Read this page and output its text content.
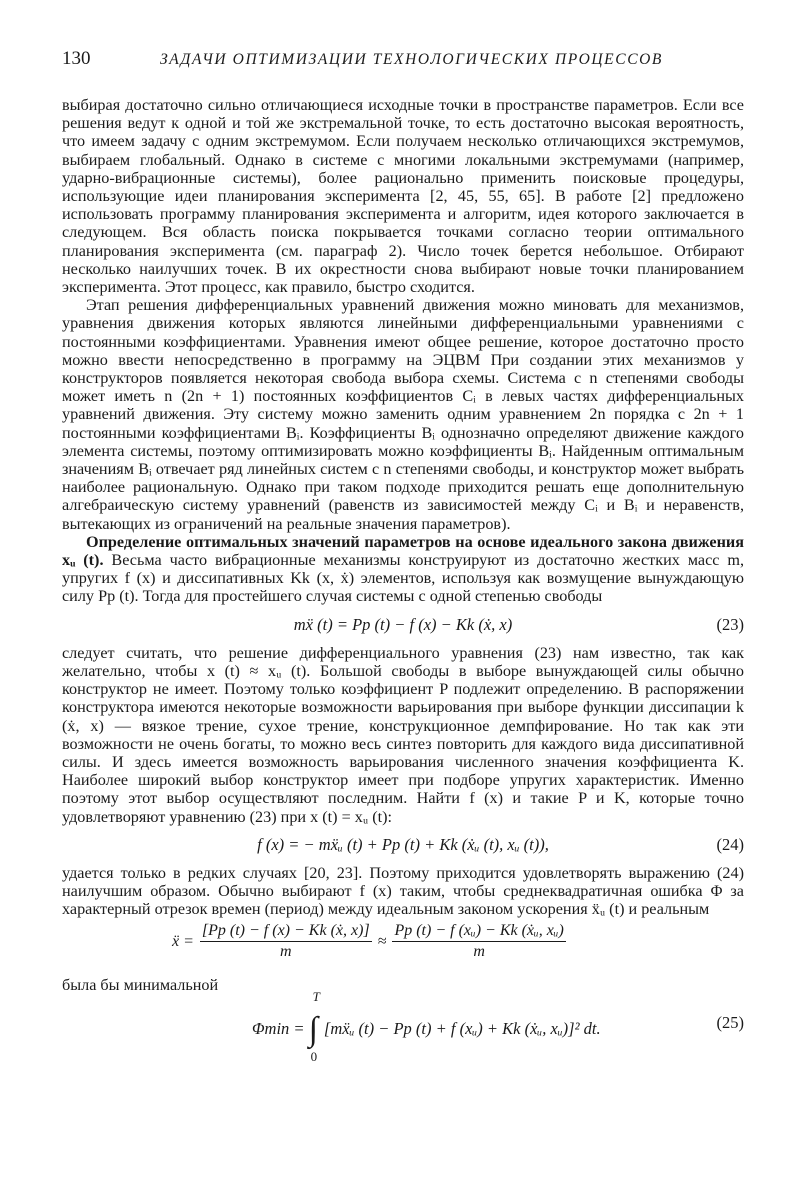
130	ЗАДАЧИ ОПТИМИЗАЦИИ ТЕХНОЛОГИЧЕСКИХ ПРОЦЕССОВ

выбирая достаточно сильно отличающиеся исходные точки в пространстве параметров. Если все решения ведут к одной и той же экстремальной точке, то есть достаточно высокая вероятность, что имеем задачу с одним экстремумом. Если получаем несколько отличающихся экстремумов, выбираем глобальный. Однако в системе с многими локальными экстремумами (например, ударно-вибрационные системы), более рационально применить поисковые процедуры, использующие идеи планирования эксперимента [2, 45, 55, 65]. В работе [2] предложено использовать программу планирования эксперимента и алгоритм, идея которого заключается в следующем. Вся область поиска покрывается точками согласно теории оптимального планирования эксперимента (см. параграф 2). Число точек берется небольшое. Отбирают несколько наилучших точек. В их окрестности снова выбирают новые точки планированием эксперимента. Этот процесс, как правило, быстро сходится.

Этап решения дифференциальных уравнений движения можно миновать для механизмов, уравнения движения которых являются линейными дифференциальными уравнениями с постоянными коэффициентами. Уравнения имеют общее решение, которое достаточно просто можно ввести непосредственно в программу на ЭЦВМ При создании этих механизмов у конструкторов появляется некоторая свобода выбора схемы. Система с n степенями свободы может иметь n (2n + 1) постоянных коэффициентов Cᵢ в левых частях дифференциальных уравнений движения. Эту систему можно заменить одним уравнением 2n порядка с 2n + 1 постоянными коэффициентами Bᵢ. Коэффициенты Bᵢ однозначно определяют движение каждого элемента системы, поэтому оптимизировать можно коэффициенты Bᵢ. Найденным оптимальным значениям Bᵢ отвечает ряд линейных систем с n степенями свободы, и конструктор может выбрать наиболее рациональную. Однако при таком подходе приходится решать еще дополнительную алгебраическую систему уравнений (равенств из зависимостей между Cᵢ и Bᵢ и неравенств, вытекающих из ограничений на реальные значения параметров).

Определение оптимальных значений параметров на основе идеального закона движения xᵤ (t). Весьма часто вибрационные механизмы конструируют из достаточно жестких масс m, упругих f (x) и диссипативных Kk (x, ẋ) элементов, используя как возмущение вынуждающую силу Pp (t). Тогда для простейшего случая системы с одной степенью свободы

mẍ (t) = Pp (t) − f (x) − Kk (ẋ, x)	(23)

следует считать, что решение дифференциального уравнения (23) нам известно, так как желательно, чтобы x (t) ≈ xᵤ (t). Большой свободы в выборе вынуждающей силы обычно конструктор не имеет. Поэтому только коэффициент P подлежит определению. В распоряжении конструктора имеются некоторые возможности варьирования при выборе функции диссипации k (ẋ, x) — вязкое трение, сухое трение, конструкционное демпфирование. Но так как эти возможности не очень богаты, то можно весь синтез повторить для каждого вида диссипативной силы. И здесь имеется возможность варьирования численного значения коэффициента K. Наиболее широкий выбор конструктор имеет при подборе упругих характеристик. Именно поэтому этот выбор осуществляют последним. Найти f (x) и такие P и K, которые точно удовлетворяют уравнению (23) при x (t) = xᵤ (t):

f (x) = − mẍᵤ (t) + Pp (t) + Kk (ẋᵤ (t), xᵤ (t)),	(24)

удается только в редких случаях [20, 23]. Поэтому приходится удовлетворять выражению (24) наилучшим образом. Обычно выбирают f (x) таким, чтобы среднеквадратичная ошибка Φ за характерный отрезок времен (период) между идеальным законом ускорения ẍᵤ (t) и реальным

ẍ = $\frac{\text{[Pp (t) − f (x) − Kk (ẋ, x)]}}{m} \approx \frac{\text{Pp (t) − f (xᵤ) − Kk (ẋᵤ, xᵤ)}}{m}$

была бы минимальной

Φmin = ∫
T
0
[mẍᵤ (t) − Pp (t) + f (xᵤ) + Kk (ẋᵤ, xᵤ)]² dt.	(25)
